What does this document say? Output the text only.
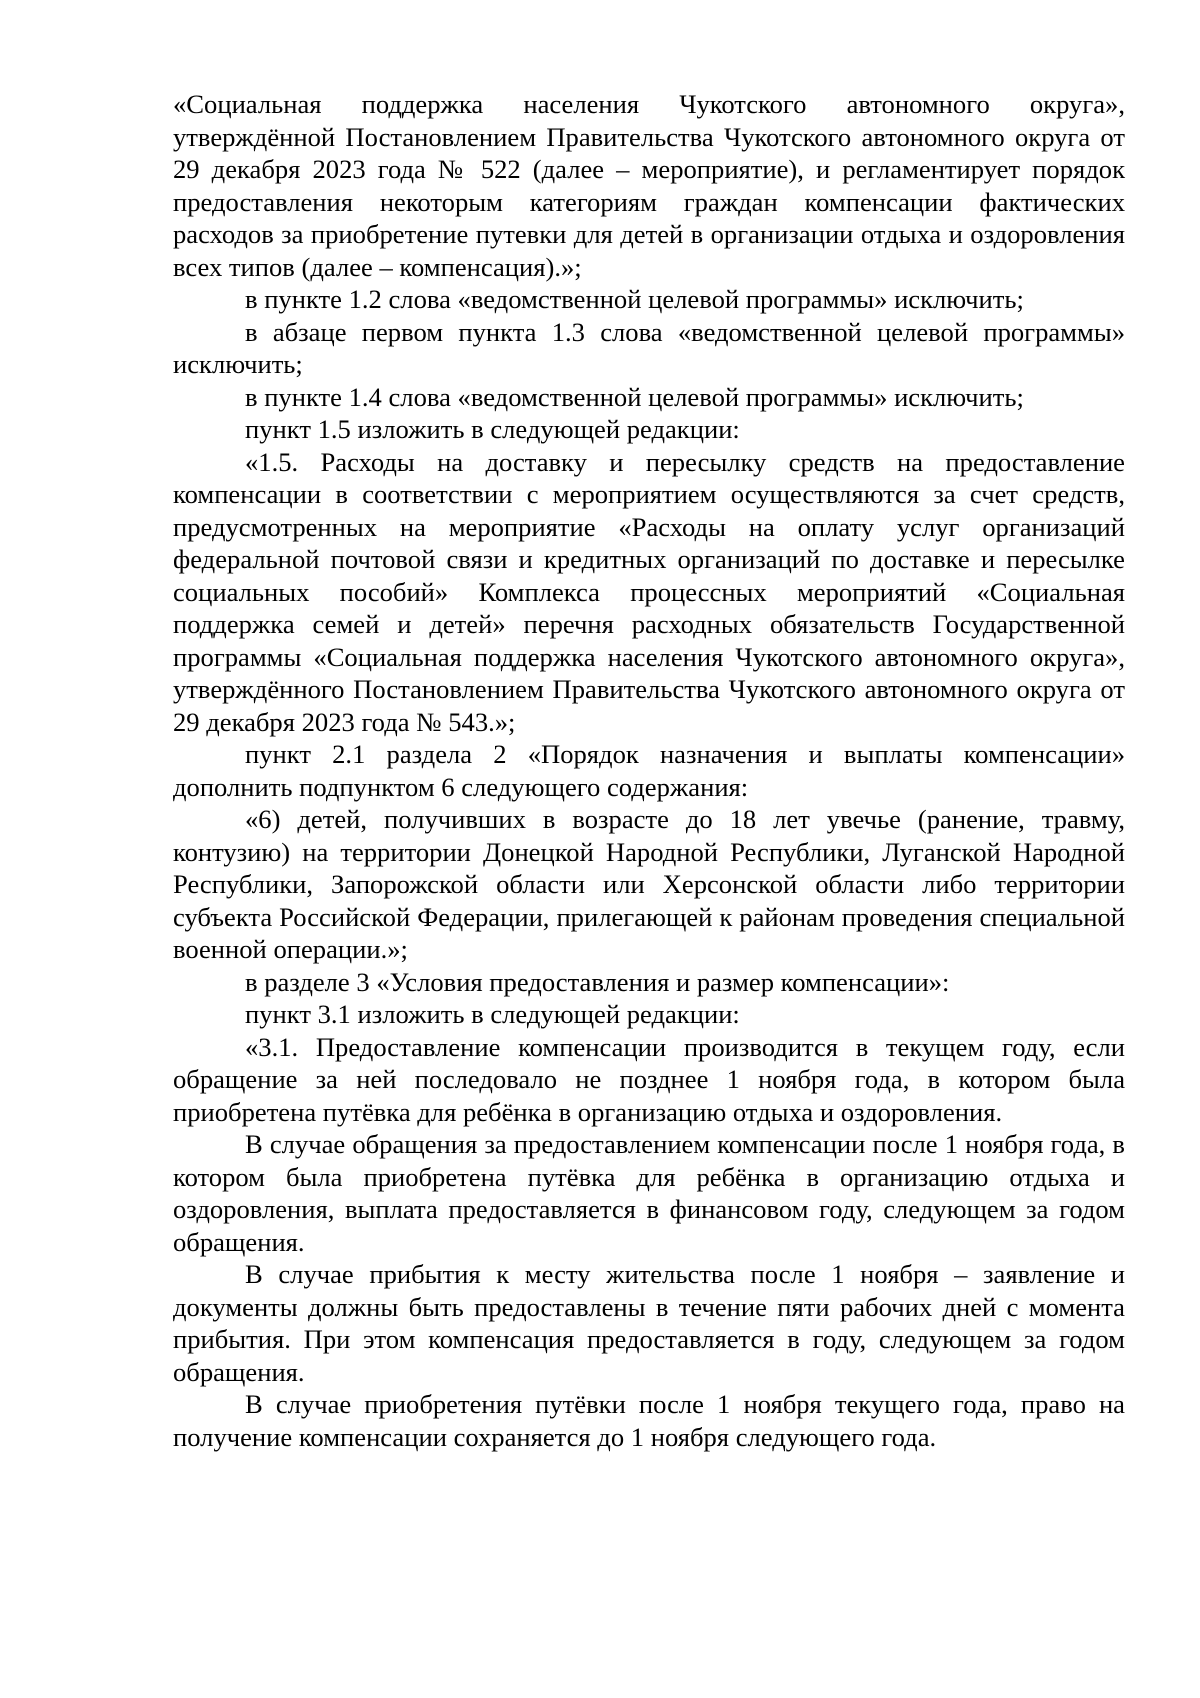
«Социальная поддержка населения Чукотского автономного округа», утверждённой Постановлением Правительства Чукотского автономного округа от 29 декабря 2023 года № 522 (далее – мероприятие), и регламентирует порядок предоставления некоторым категориям граждан компенсации фактических расходов за приобретение путевки для детей в организации отдыха и оздоровления всех типов (далее – компенсация).»;

в пункте 1.2 слова «ведомственной целевой программы» исключить;

в абзаце первом пункта 1.3 слова «ведомственной целевой программы» исключить;

в пункте 1.4 слова «ведомственной целевой программы» исключить;

пункт 1.5 изложить в следующей редакции:

«1.5. Расходы на доставку и пересылку средств на предоставление компенсации в соответствии с мероприятием осуществляются за счет средств, предусмотренных на мероприятие «Расходы на оплату услуг организаций федеральной почтовой связи и кредитных организаций по доставке и пересылке социальных пособий» Комплекса процессных мероприятий «Социальная поддержка семей и детей» перечня расходных обязательств Государственной программы «Социальная поддержка населения Чукотского автономного округа», утверждённого Постановлением Правительства Чукотского автономного округа от 29 декабря 2023 года № 543.»;

пункт 2.1 раздела 2 «Порядок назначения и выплаты компенсации» дополнить подпунктом 6 следующего содержания:

«6) детей, получивших в возрасте до 18 лет увечье (ранение, травму, контузию) на территории Донецкой Народной Республики, Луганской Народной Республики, Запорожской области или Херсонской области либо территории субъекта Российской Федерации, прилегающей к районам проведения специальной военной операции.»;

в разделе 3 «Условия предоставления и размер компенсации»:

пункт 3.1 изложить в следующей редакции:

«3.1. Предоставление компенсации производится в текущем году, если обращение за ней последовало не позднее 1 ноября года, в котором была приобретена путёвка для ребёнка в организацию отдыха и оздоровления.

В случае обращения за предоставлением компенсации после 1 ноября года, в котором была приобретена путёвка для ребёнка в организацию отдыха и оздоровления, выплата предоставляется в финансовом году, следующем за годом обращения.

В случае прибытия к месту жительства после 1 ноября – заявление и документы должны быть предоставлены в течение пяти рабочих дней с момента прибытия. При этом компенсация предоставляется в году, следующем за годом обращения.

В случае приобретения путёвки после 1 ноября текущего года, право на получение компенсации сохраняется до 1 ноября следующего года.
